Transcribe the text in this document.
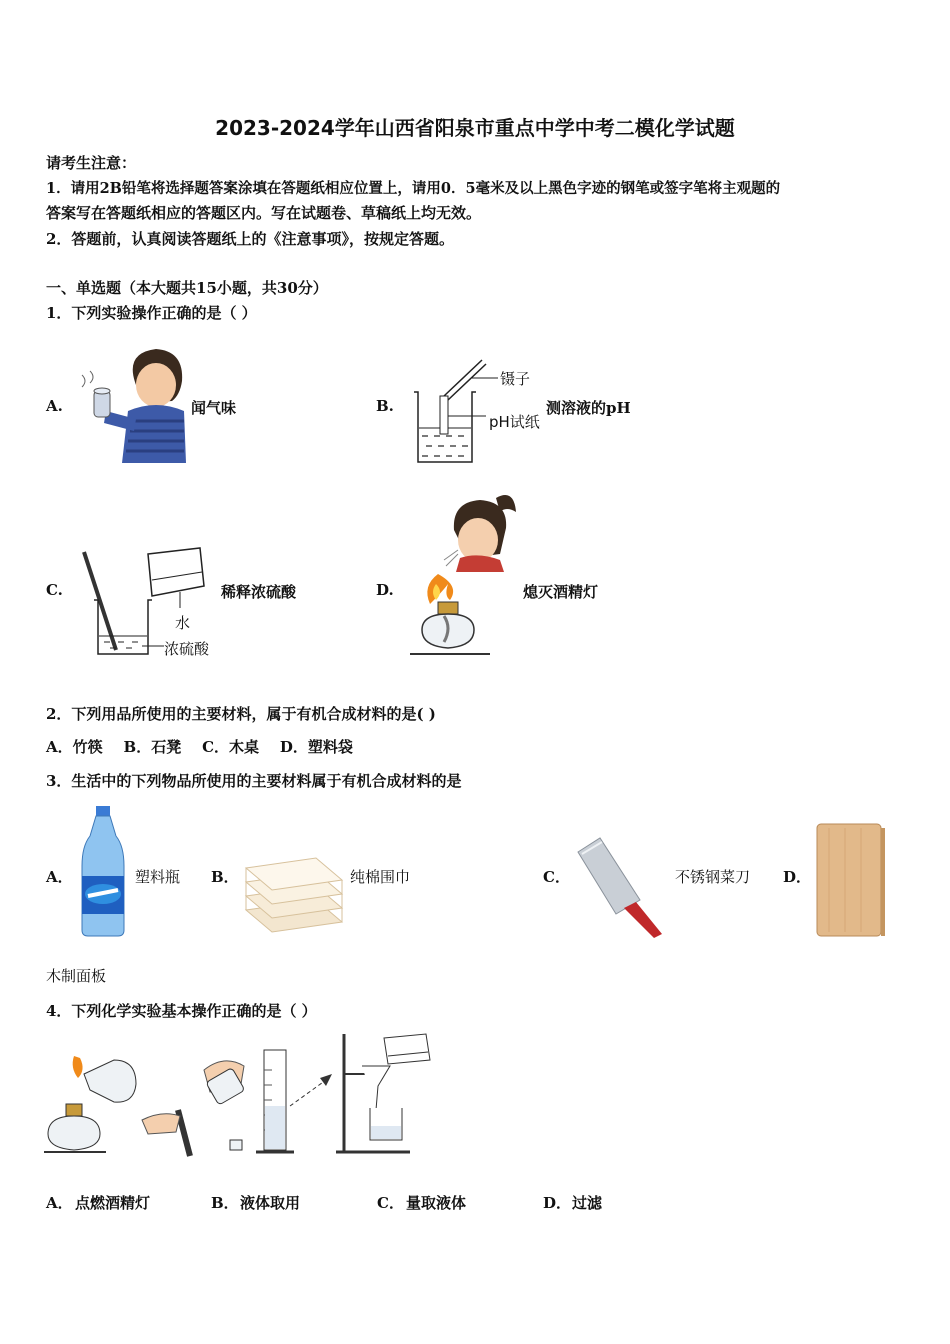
2023-2024学年山西省阳泉市重点中学中考二模化学试题
请考生注意：
1．请用2B铅笔将选择题答案涂填在答题纸相应位置上，请用0．5毫米及以上黑色字迹的钢笔或签字笔将主观题的
答案写在答题纸相应的答题区内。写在试题卷、草稿纸上均无效。
2．答题前，认真阅读答题纸上的《注意事项》，按规定答题。
一、单选题（本大题共15小题，共30分）
1．下列实验操作正确的是（ ）
A.	闻气味	B.
镊子
pH试纸
测溶液的pH
C.
水
浓硫酸
稀释浓硫酸	D.	熄灭酒精灯
2．下列用品所使用的主要材料，属于有机合成材料的是( )
A．竹筷    B．石凳    C．木桌    D．塑料袋
3．生活中的下列物品所使用的主要材料属于有机合成材料的是
A．	塑料瓶 B．	纯棉围巾	C．	不锈钢菜刀 D．
木制面板
4．下列化学实验基本操作正确的是（ ）
A． 点燃酒精灯	B． 液体取用	C． 量取液体	D． 过滤
